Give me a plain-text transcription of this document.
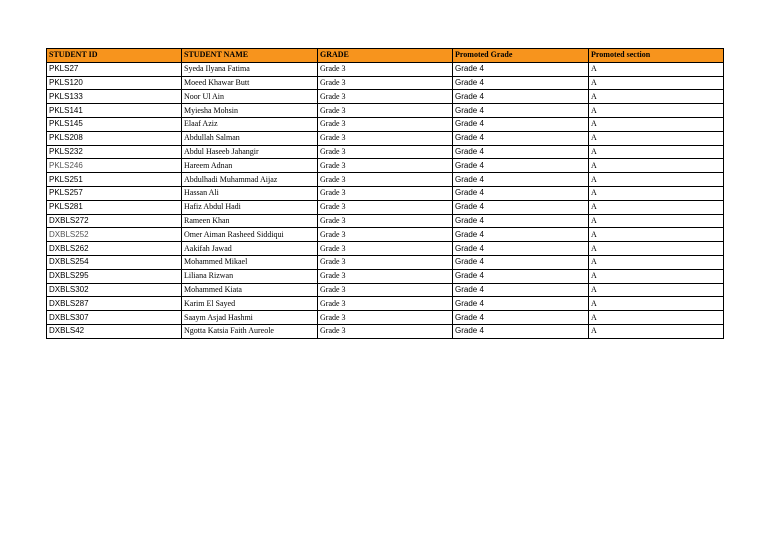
STUDENT ID	STUDENT NAME	GRADE	Promoted Grade	Promoted section
PKLS27	Syeda Ilyana Fatima	Grade 3	Grade 4	A
PKLS120	Moeed Khawar Butt	Grade 3	Grade 4	A
PKLS133	Noor Ul Ain	Grade 3	Grade 4	A
PKLS141	Myiesha Mohsin	Grade 3	Grade 4	A
PKLS145	Elaaf Aziz	Grade 3	Grade 4	A
PKLS208	Abdullah Salman	Grade 3	Grade 4	A
PKLS232	Abdul Haseeb Jahangir	Grade 3	Grade 4	A
PKLS246	Hareem Adnan	Grade 3	Grade 4	A
PKLS251	Abdulhadi Muhammad Aijaz	Grade 3	Grade 4	A
PKLS257	Hassan Ali	Grade 3	Grade 4	A
PKLS281	Hafiz Abdul Hadi	Grade 3	Grade 4	A
DXBLS272	Rameen Khan	Grade 3	Grade 4	A
DXBLS252	Omer Aiman Rasheed Siddiqui	Grade 3	Grade 4	A
DXBLS262	Aakifah Jawad	Grade 3	Grade 4	A
DXBLS254	Mohammed Mikael	Grade 3	Grade 4	A
DXBLS295	Liliana Rizwan	Grade 3	Grade 4	A
DXBLS302	Mohammed Kiata	Grade 3	Grade 4	A
DXBLS287	Karim El Sayed	Grade 3	Grade 4	A
DXBLS307	Saaym Asjad Hashmi	Grade 3	Grade 4	A
DXBLS42	Ngotta Katsia Faith Aureole	Grade 3	Grade 4	A
